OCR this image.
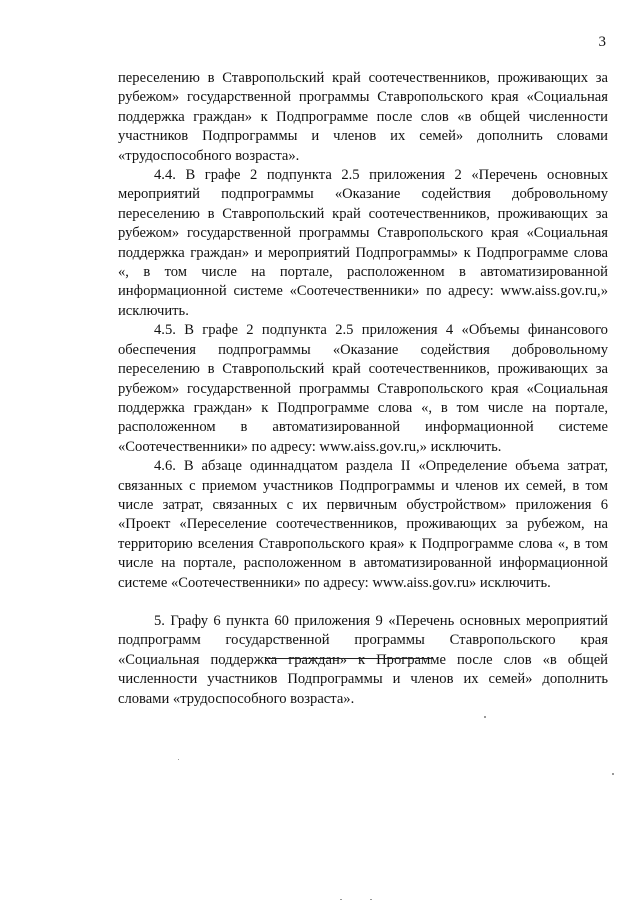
3

переселению в Ставропольский край соотечественников, проживающих за рубежом» государственной программы Ставропольского края «Социальная поддержка граждан» к Подпрограмме после слов «в общей численности участников Подпрограммы и членов их семей» дополнить словами «трудоспособного возраста».

4.4. В графе 2 подпункта 2.5 приложения 2 «Перечень основных мероприятий подпрограммы «Оказание содействия добровольному переселению в Ставропольский край соотечественников, проживающих за рубежом» государственной программы Ставропольского края «Социальная поддержка граждан» и мероприятий Подпрограммы» к Подпрограмме слова «, в том числе на портале, расположенном в автоматизированной информационной системе «Соотечественники» по адресу: www.aiss.gov.ru,» исключить.

4.5. В графе 2 подпункта 2.5 приложения 4 «Объемы финансового обеспечения подпрограммы «Оказание содействия добровольному переселению в Ставропольский край соотечественников, проживающих за рубежом» государственной программы Ставропольского края «Социальная поддержка граждан» к Подпрограмме слова «, в том числе на портале, расположенном в автоматизированной информационной системе «Соотечественники» по адресу: www.aiss.gov.ru,» исключить.

4.6. В абзаце одиннадцатом раздела II «Определение объема затрат, связанных с приемом участников Подпрограммы и членов их семей, в том числе затрат, связанных с их первичным обустройством» приложения 6 «Проект «Переселение соотечественников, проживающих за рубежом, на территорию вселения Ставропольского края» к Подпрограмме слова «, в том числе на портале, расположенном в автоматизированной информационной системе «Соотечественники» по адресу: www.aiss.gov.ru» исключить.

5. Графу 6 пункта 60 приложения 9 «Перечень основных мероприятий подпрограмм государственной программы Ставропольского края «Социальная поддержка граждан» к Программе после слов «в общей численности участников Подпрограммы и членов их семей» дополнить словами «трудоспособного возраста».
